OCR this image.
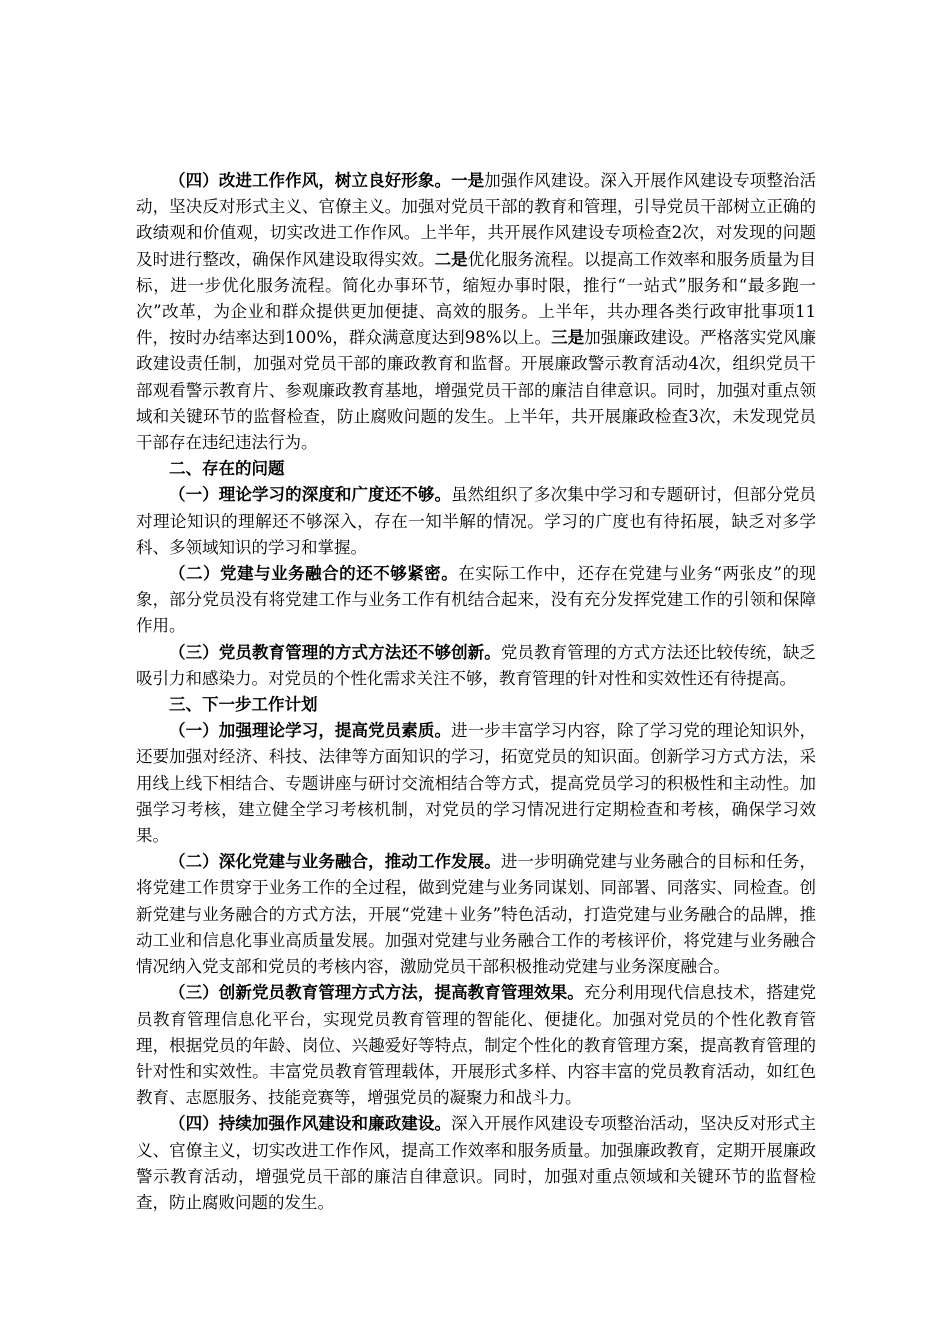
（四）改进工作作风，树立良好形象。一是加强作风建设。深入开展作风建设专项整治活动，坚决反对形式主义、官僚主义。加强对党员干部的教育和管理，引导党员干部树立正确的政绩观和价值观，切实改进工作作风。上半年，共开展作风建设专项检查2次，对发现的问题及时进行整改，确保作风建设取得实效。二是优化服务流程。以提高工作效率和服务质量为目标，进一步优化服务流程。简化办事环节，缩短办事时限，推行“一站式”服务和“最多跑一次”改革，为企业和群众提供更加便捷、高效的服务。上半年，共办理各类行政审批事项11件，按时办结率达到100%，群众满意度达到98%以上。三是加强廉政建设。严格落实党风廉政建设责任制，加强对党员干部的廉政教育和监督。开展廉政警示教育活动4次，组织党员干部观看警示教育片、参观廉政教育基地，增强党员干部的廉洁自律意识。同时，加强对重点领域和关键环节的监督检查，防止腐败问题的发生。上半年，共开展廉政检查3次，未发现党员干部存在违纪违法行为。

二、存在的问题

（一）理论学习的深度和广度还不够。虽然组织了多次集中学习和专题研讨，但部分党员对理论知识的理解还不够深入，存在一知半解的情况。学习的广度也有待拓展，缺乏对多学科、多领域知识的学习和掌握。

（二）党建与业务融合的还不够紧密。在实际工作中，还存在党建与业务“两张皮”的现象，部分党员没有将党建工作与业务工作有机结合起来，没有充分发挥党建工作的引领和保障作用。

（三）党员教育管理的方式方法还不够创新。党员教育管理的方式方法还比较传统，缺乏吸引力和感染力。对党员的个性化需求关注不够，教育管理的针对性和实效性还有待提高。

三、下一步工作计划

（一）加强理论学习，提高党员素质。进一步丰富学习内容，除了学习党的理论知识外，还要加强对经济、科技、法律等方面知识的学习，拓宽党员的知识面。创新学习方式方法，采用线上线下相结合、专题讲座与研讨交流相结合等方式，提高党员学习的积极性和主动性。加强学习考核，建立健全学习考核机制，对党员的学习情况进行定期检查和考核，确保学习效果。

（二）深化党建与业务融合，推动工作发展。进一步明确党建与业务融合的目标和任务，将党建工作贯穿于业务工作的全过程，做到党建与业务同谋划、同部署、同落实、同检查。创新党建与业务融合的方式方法，开展“党建＋业务”特色活动，打造党建与业务融合的品牌，推动工业和信息化事业高质量发展。加强对党建与业务融合工作的考核评价，将党建与业务融合情况纳入党支部和党员的考核内容，激励党员干部积极推动党建与业务深度融合。

（三）创新党员教育管理方式方法，提高教育管理效果。充分利用现代信息技术，搭建党员教育管理信息化平台，实现党员教育管理的智能化、便捷化。加强对党员的个性化教育管理，根据党员的年龄、岗位、兴趣爱好等特点，制定个性化的教育管理方案，提高教育管理的针对性和实效性。丰富党员教育管理载体，开展形式多样、内容丰富的党员教育活动，如红色教育、志愿服务、技能竞赛等，增强党员的凝聚力和战斗力。

（四）持续加强作风建设和廉政建设。深入开展作风建设专项整治活动，坚决反对形式主义、官僚主义，切实改进工作作风，提高工作效率和服务质量。加强廉政教育，定期开展廉政警示教育活动，增强党员干部的廉洁自律意识。同时，加强对重点领域和关键环节的监督检查，防止腐败问题的发生。
